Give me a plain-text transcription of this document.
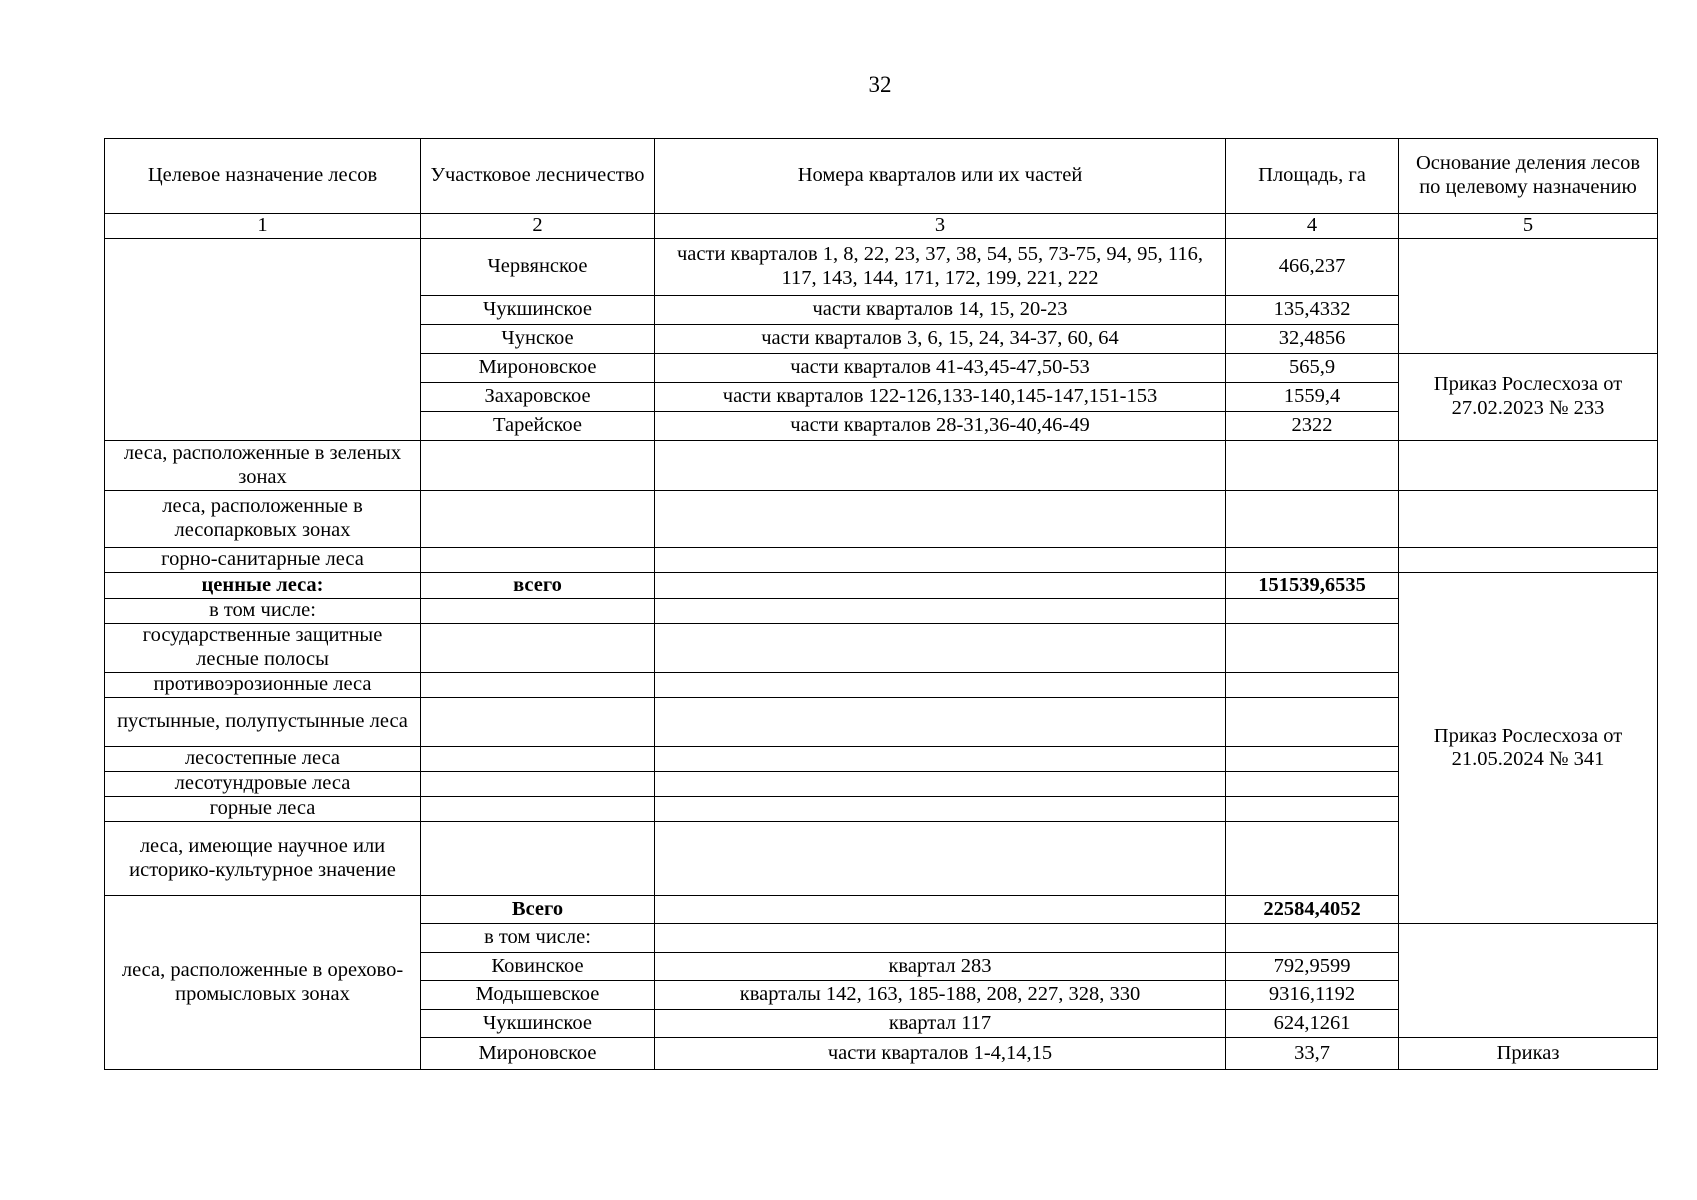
32
Целевое назначение лесов	Участковое лесничество	Номера кварталов или их частей	Площадь, га	Основание деления лесов по целевому назначению	
1	2	3	4	5	
	Червянское	части кварталов 1, 8, 22, 23, 37, 38, 54, 55, 73-75, 94, 95, 116, 117, 143, 144, 171, 172, 199, 221, 222	466,237		
	Чукшинское	части кварталов 14, 15, 20-23	135,4332		
	Чунское	части кварталов 3, 6, 15, 24, 34-37, 60, 64	32,4856		
	Мироновское	части кварталов 41-43,45-47,50-53	565,9	Приказ Рослесхоза от 27.02.2023 № 233	
	Захаровское	части кварталов 122-126,133-140,145-147,151-153	1559,4		
	Тарейское	части кварталов 28-31,36-40,46-49	2322		
леса, расположенные в зеленых зонах					
леса, расположенные в лесопарковых зонах					
горно-санитарные леса					
ценные леса:	всего		151539,6535	Приказ Рослесхоза от 21.05.2024 № 341	
в том числе:					
государственные защитные лесные полосы					
противоэрозионные леса					
пустынные, полупустынные леса					
лесостепные леса					
лесотундровые леса					
горные леса					
леса, имеющие научное или историко-культурное значение					
леса, расположенные в орехово-промысловых зонах	Всего		22584,4052	
	в том числе:				
	Ковинское	квартал 283	792,9599		
	Модышевское	кварталы 142, 163, 185-188, 208, 227, 328, 330	9316,1192		
	Чукшинское	квартал 117	624,1261		
	Мироновское	части кварталов 1-4,14,15	33,7	Приказ	
